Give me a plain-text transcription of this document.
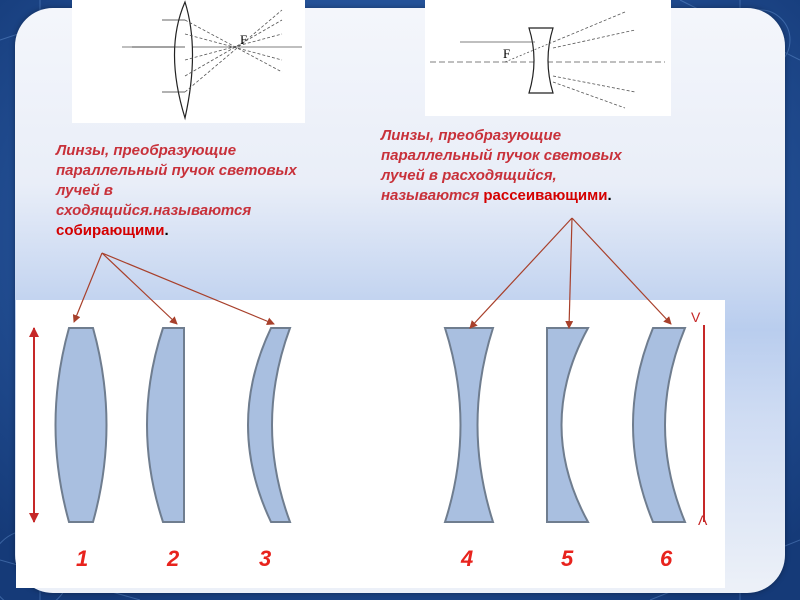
F
F

Линзы, преобразующие
параллельный пучок световых
лучей в
сходящийся.называются
собирающими.

Линзы, преобразующие
параллельный пучок световых
лучей в расходящийся,
называются рассеивающими.

V
Λ
1	2	3	4	5	6
